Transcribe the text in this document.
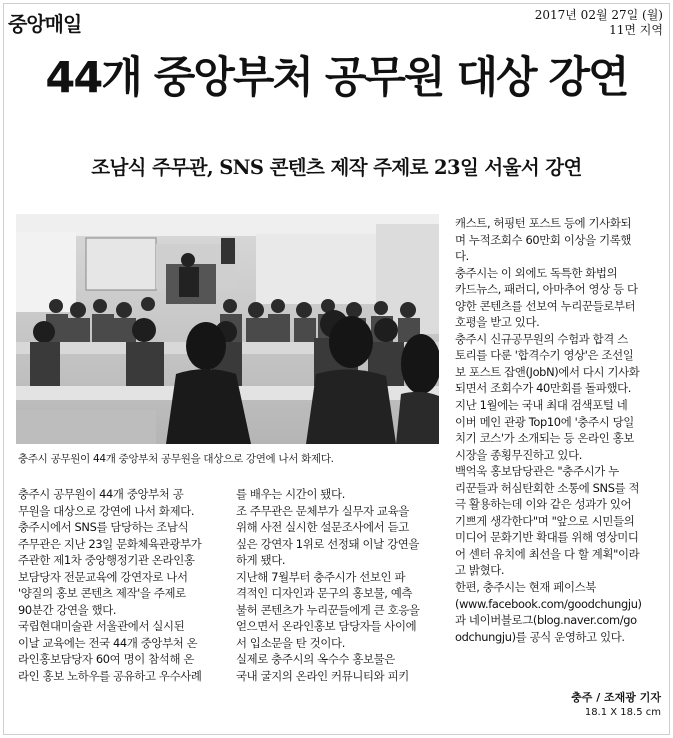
중앙매일	2017년 02월 27일 (월)
11면 지역
44개 중앙부처 공무원 대상 강연
조남식 주무관, SNS 콘텐츠 제작 주제로 23일 서울서 강연
충주시 공무원이 44개 중앙부처 공무원을 대상으로 강연에 나서 화제다.
캐스트, 허핑턴 포스트 등에 기사화되
며 누적조회수 60만회 이상을 기록했
다.
충주시는 이 외에도 독특한 화법의
카드뉴스, 패러디, 아마추어 영상 등 다
양한 콘텐츠를 선보여 누리꾼들로부터
호평을 받고 있다.
충주시 신규공무원의 수험과 합격 스
토리를 다룬 '합격수기 영상'은 조선일
보 포스트 잡앤(JobN)에서 다시 기사화
되면서 조회수가 40만회를 돌파했다.
지난 1월에는 국내 최대 검색포털 네
이버 메인 관광 Top10에 '충주시 당일
치기 코스'가 소개되는 등 온라인 홍보
시장을 종횡무진하고 있다.
백억욱 홍보담당관은 "충주시가 누
리꾼들과 허심탄회한 소통에 SNS를 적
극 활용하는데 이와 같은 성과가 있어
기쁘게 생각한다"며 "앞으로 시민들의
미디어 문화기반 확대를 위해 영상미디
어 센터 유치에 최선을 다 할 계획"이라
고 밝혔다.
한편, 충주시는 현재 페이스북
(www.facebook.com/goodchungju)
과 네이버블로그(blog.naver.com/go
odchungju)를 공식 운영하고 있다.
충주시 공무원이 44개 중앙부처 공
무원을 대상으로 강연에 나서 화제다.
충주시에서 SNS를 담당하는 조남식
주무관은 지난 23일 문화체육관광부가
주관한 제1차 중앙행정기관 온라인홍
보담당자 전문교육에 강연자로 나서
'양질의 홍보 콘텐츠 제작'을 주제로
90분간 강연을 했다.
국립현대미술관 서울관에서 실시된
이날 교육에는 전국 44개 중앙부처 온
라인홍보담당자 60여 명이 참석해 온
라인 홍보 노하우를 공유하고 우수사례
를 배우는 시간이 됐다.
조 주무관은 문체부가 실무자 교육을
위해 사전 실시한 설문조사에서 듣고
싶은 강연자 1위로 선정돼 이날 강연을
하게 됐다.
지난해 7월부터 충주시가 선보인 파
격적인 디자인과 문구의 홍보물, 예측
불허 콘텐츠가 누리꾼들에게 큰 호응을
얻으면서 온라인홍보 담당자들 사이에
서 입소문을 탄 것이다.
실제로 충주시의 옥수수 홍보물은
국내 굴지의 온라인 커뮤니티와 피키
충주 / 조재광 기자
18.1 X 18.5 cm
